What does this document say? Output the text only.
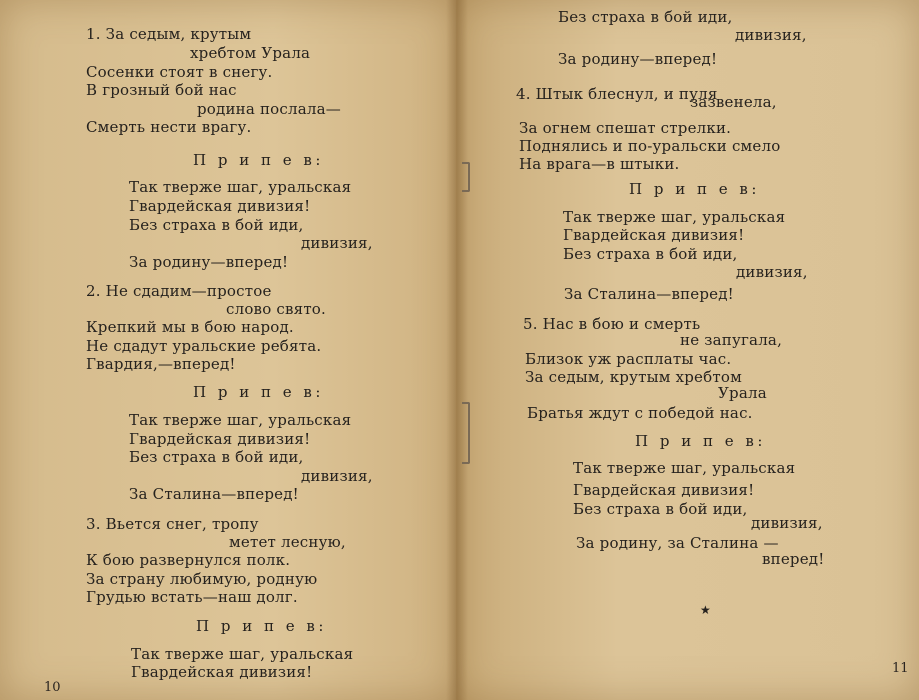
1. За седым, крутым
хребтом Урала
Сосенки стоят в снегу.
В грозный бой нас
родина послала—
Смерть нести врагу.
П р и п е в:
Так тверже шаг, уральская
Гвардейская дивизия!
Без страха в бой иди,
дивизия,
За родину—вперед!
2. Не сдадим—простое
слово свято.
Крепкий мы в бою народ.
Не сдадут уральские ребята.
Гвардия,—вперед!
П р и п е в:
Так тверже шаг, уральская
Гвардейская дивизия!
Без страха в бой иди,
дивизия,
За Сталина—вперед!
3. Вьется снег, тропу
метет лесную,
К бою развернулся полк.
За страну любимую, родную
Грудью встать—наш долг.
П р и п е в:
Так тверже шаг, уральская
Гвардейская дивизия!
10
Без страха в бой иди,
дивизия,
За родину—вперед!
4. Штык блеснул, и пуля
зазвенела,
За огнем спешат стрелки.
Поднялись и по-уральски смело
На врага—в штыки.
П р и п е в:
Так тверже шаг, уральская
Гвардейская дивизия!
Без страха в бой иди,
дивизия,
За Сталина—вперед!
5. Нас в бою и смерть
не запугала,
Близок уж расплаты час.
За седым, крутым хребтом
Урала
Братья ждут с победой нас.
П р и п е в:
Так тверже шаг, уральская
Гвардейская дивизия!
Без страха в бой иди,
дивизия,
За родину, за Сталина —
вперед!
★
11
